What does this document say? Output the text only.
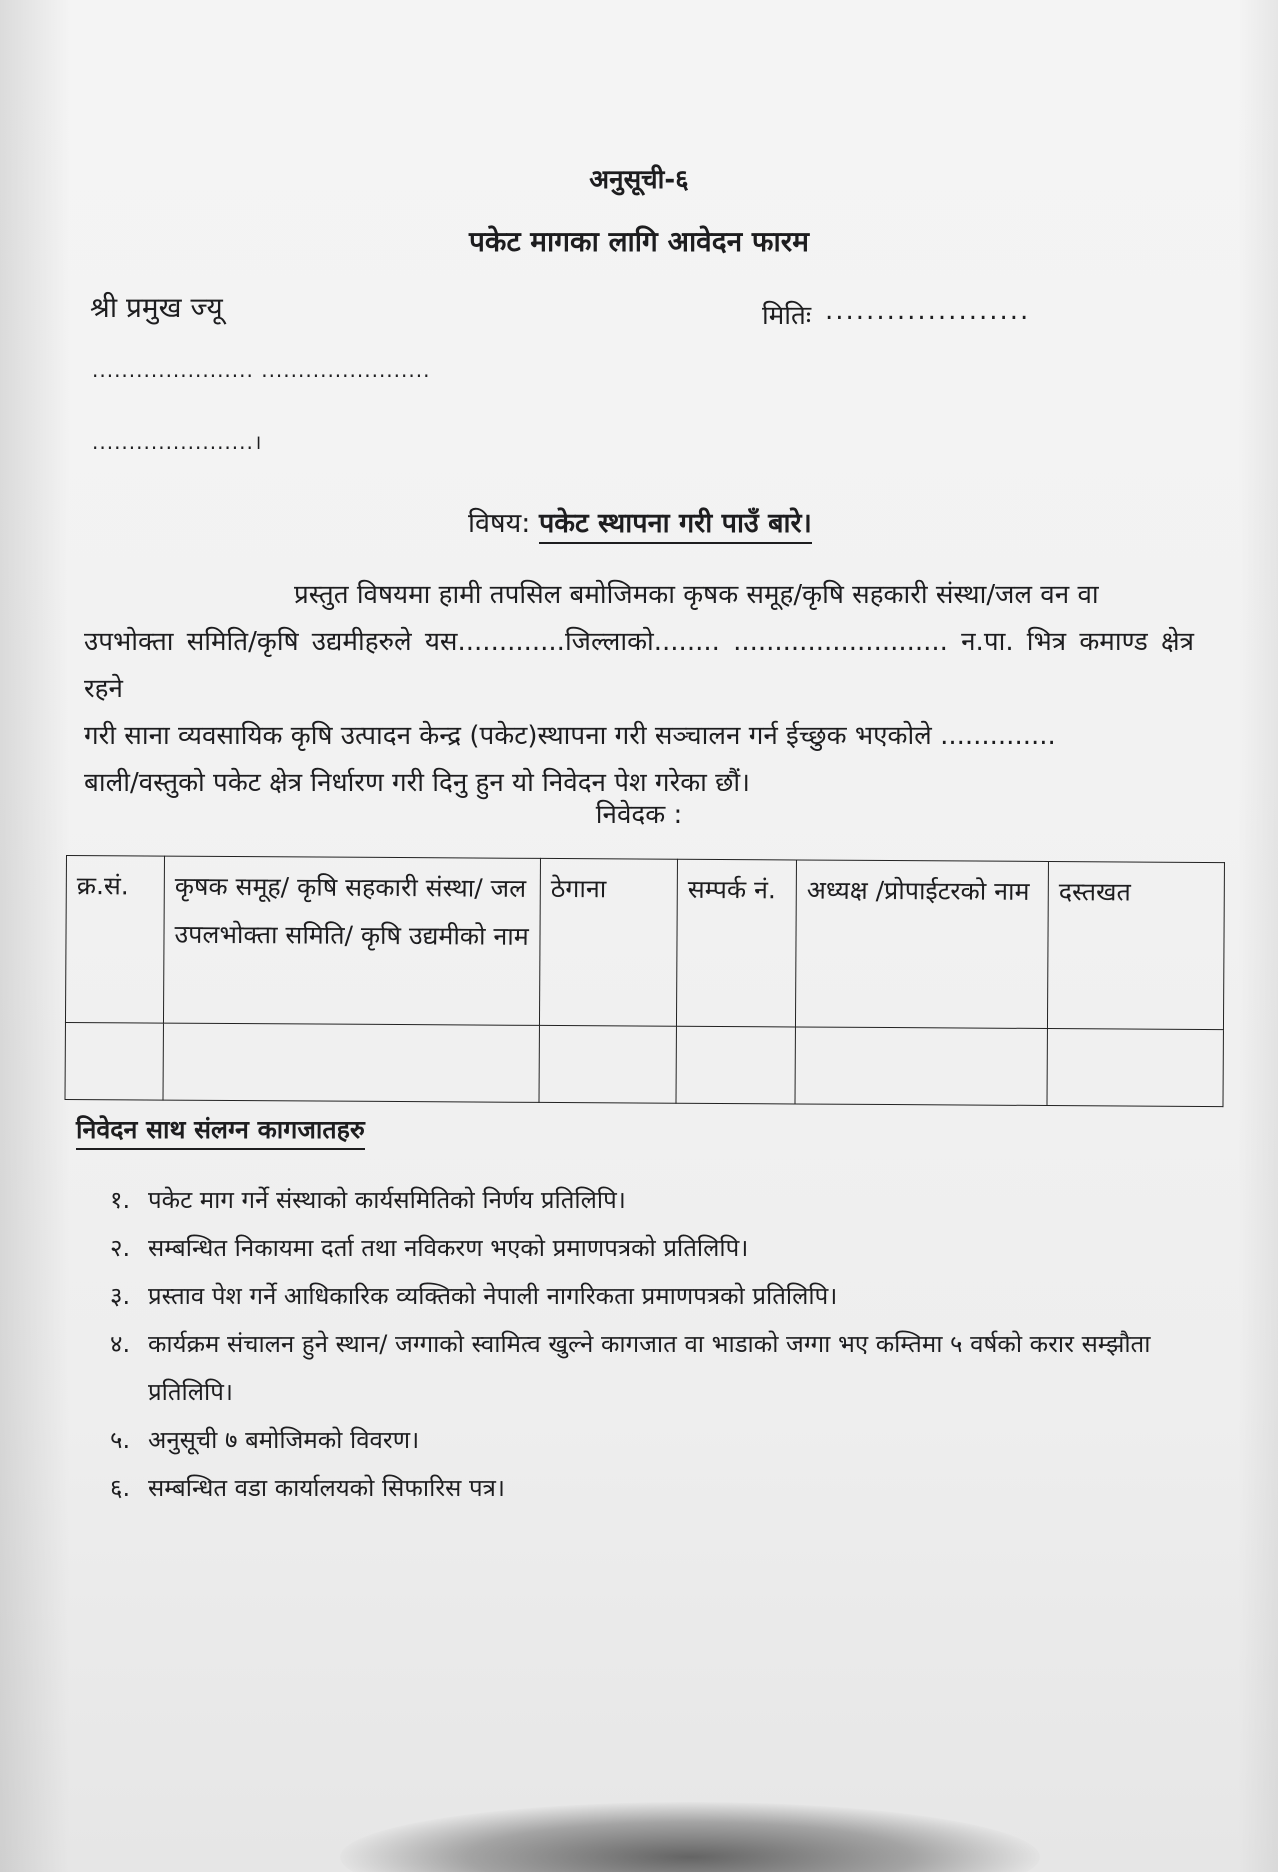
अनुसूची-६
पकेट मागका लागि आवेदन फारम
श्री प्रमुख ज्यू	मितिः ....................
...................... .......................
......................।
विषय: पकेट स्थापना गरी पाउँ बारे।
प्रस्तुत विषयमा हामी तपसिल बमोजिमका कृषक समूह/कृषि सहकारी संस्था/जल वन वा
उपभोक्ता समिति/कृषि उद्यमीहरुले यस.............जिल्लाको........ .......................... न.पा. भित्र कमाण्ड क्षेत्र रहने
गरी साना व्यवसायिक कृषि उत्पादन केन्द्र (पकेट)स्थापना गरी सञ्चालन गर्न ईच्छुक भएकोले ..............
बाली/वस्तुको पकेट क्षेत्र निर्धारण गरी दिनु हुन यो निवेदन पेश गरेका छौं।
निवेदक :
क्र.सं.	कृषक समूह/ कृषि सहकारी संस्था/ जल उपलभोक्ता समिति/ कृषि उद्यमीको नाम	ठेगाना	सम्पर्क नं.	अध्यक्ष /प्रोपाईटरको नाम	दस्तखत

निवेदन साथ संलग्न कागजातहरु
१. पकेट माग गर्ने संस्थाको कार्यसमितिको निर्णय प्रतिलिपि।
२. सम्बन्धित निकायमा दर्ता तथा नविकरण भएको प्रमाणपत्रको प्रतिलिपि।
३. प्रस्ताव पेश गर्ने आधिकारिक व्यक्तिको नेपाली नागरिकता प्रमाणपत्रको प्रतिलिपि।
४. कार्यक्रम संचालन हुने स्थान/ जग्गाको स्वामित्व खुल्ने कागजात वा भाडाको जग्गा भए कम्तिमा ५ वर्षको करार सम्झौता प्रतिलिपि।
५. अनुसूची ७ बमोजिमको विवरण।
६. सम्बन्धित वडा कार्यालयको सिफारिस पत्र।
